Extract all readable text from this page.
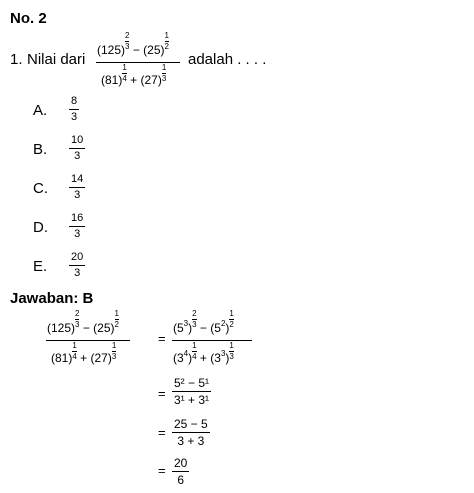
No. 2
1. Nilai dari
$(125) \frac{2}{3} - (25) \frac{1}{2}$
$(81) \frac{1}{4} + (27) \frac{1}{3}$
adalah . . . .
A.
8
3
B.
10
3
C.
14
3
D.
16
3
E.
20
3
Jawaban: B
$(125) \frac{2}{3} - (25) \frac{1}{2}$
$(81) \frac{1}{4} + (27) \frac{1}{3}$
=
$(53) \frac{2}{3} - (52) \frac{1}{2}$
$(34) \frac{1}{4} + (33) \frac{1}{3}$
=
5² − 5¹
3¹ + 3¹
=
25 − 5
3 + 3
= 20
6
